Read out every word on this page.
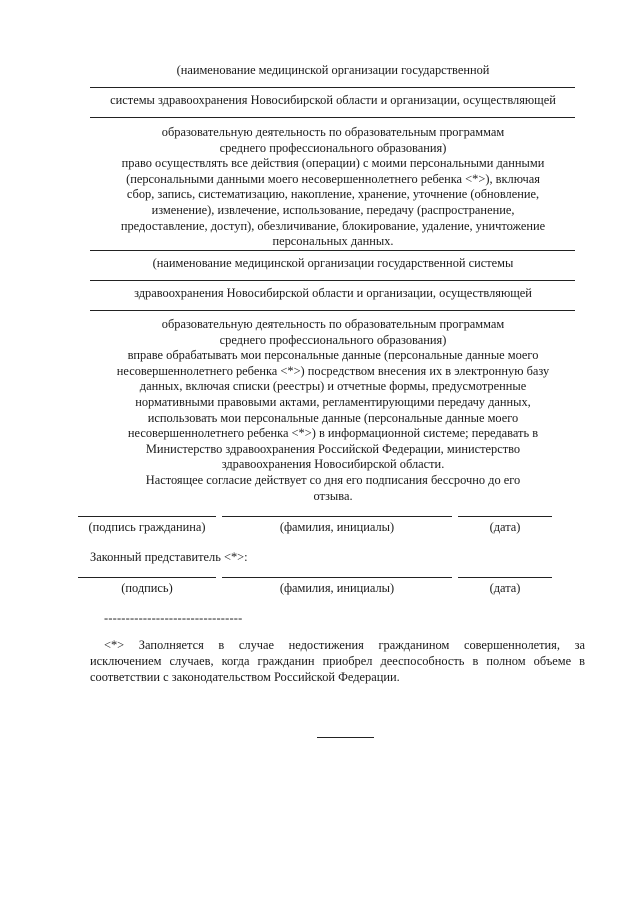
(наименование медицинской организации государственной
системы здравоохранения Новосибирской области и организации, осуществляющей
образовательную деятельность по образовательным программам
среднего профессионального образования)
право осуществлять все действия (операции) с моими персональными данными
(персональными данными моего несовершеннолетнего ребенка <*>), включая
сбор, запись, систематизацию, накопление, хранение, уточнение (обновление,
изменение), извлечение, использование, передачу (распространение,
предоставление, доступ), обезличивание, блокирование, удаление, уничтожение
персональных данных.
(наименование медицинской организации государственной системы
здравоохранения Новосибирской области и организации, осуществляющей
образовательную деятельность по образовательным программам
среднего профессионального образования)
вправе обрабатывать мои персональные данные (персональные данные моего
несовершеннолетнего ребенка <*>) посредством внесения их в электронную базу
данных, включая списки (реестры) и отчетные формы, предусмотренные
нормативными правовыми актами, регламентирующими передачу данных,
использовать мои персональные данные (персональные данные моего
несовершеннолетнего ребенка <*>) в информационной системе; передавать в
Министерство здравоохранения Российской Федерации, министерство
здравоохранения Новосибирской области.
Настоящее согласие действует со дня его подписания бессрочно до его
отзыва.
(подпись гражданина)	(фамилия, инициалы)	(дата)
Законный представитель <*>:
(подпись)	(фамилия, инициалы)	(дата)
--------------------------------
<*> Заполняется в случае недостижения гражданином совершеннолетия, за
исключением случаев, когда гражданин приобрел дееспособность в полном объеме в
соответствии с законодательством Российской Федерации.
